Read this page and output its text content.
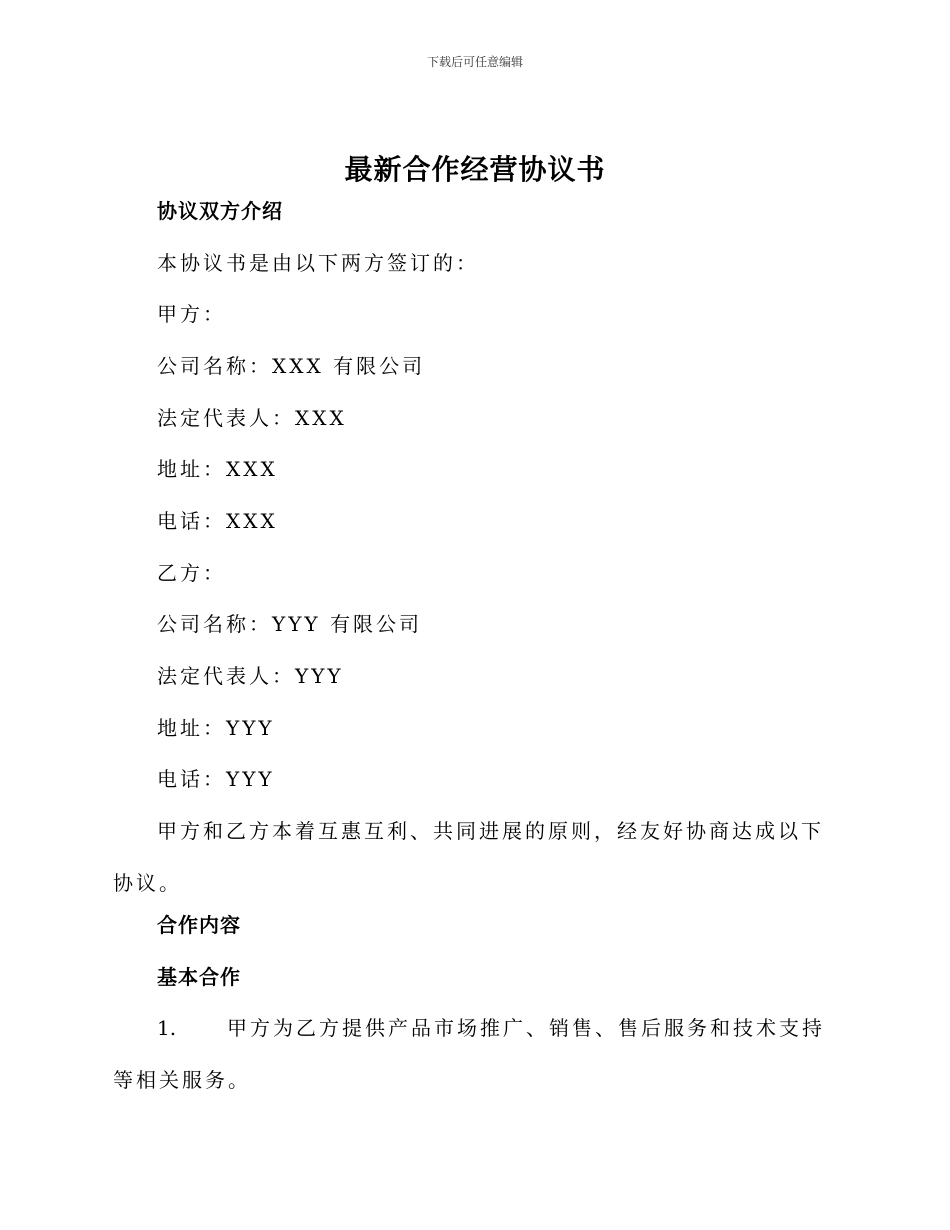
下载后可任意编辑
最新合作经营协议书
协议双方介绍
本协议书是由以下两方签订的：
甲方：
公司名称：XXX 有限公司
法定代表人：XXX
地址：XXX
电话：XXX
乙方：
公司名称：YYY 有限公司
法定代表人：YYY
地址：YYY
电话：YYY
甲方和乙方本着互惠互利、共同进展的原则，经友好协商达成以下协议。
合作内容
基本合作
1.	甲方为乙方提供产品市场推广、销售、售后服务和技术支持等相关服务。
